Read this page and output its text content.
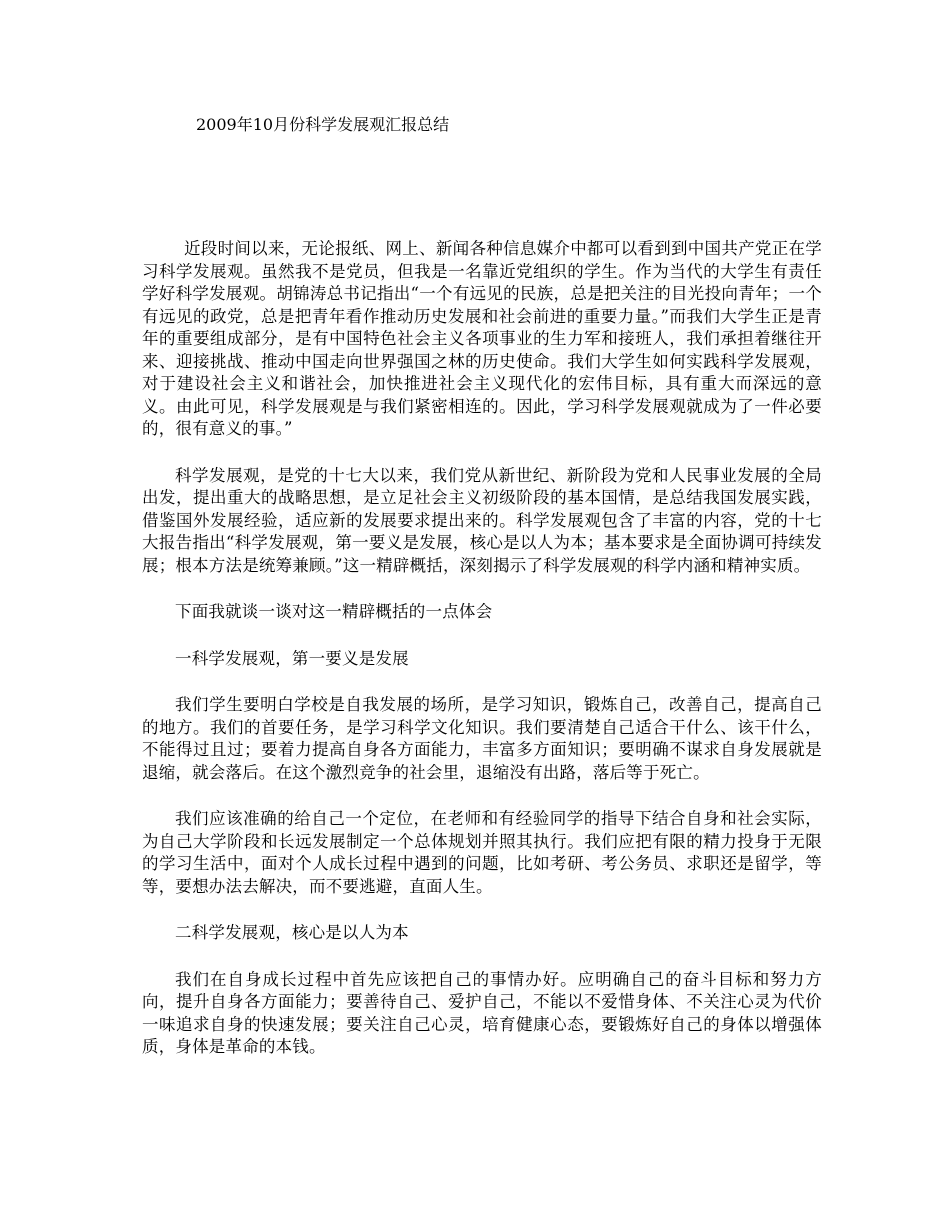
2009年10月份科学发展观汇报总结

近段时间以来，无论报纸、网上、新闻各种信息媒介中都可以看到到中国共产党正在学习科学发展观。虽然我不是党员，但我是一名靠近党组织的学生。作为当代的大学生有责任学好科学发展观。胡锦涛总书记指出“一个有远见的民族，总是把关注的目光投向青年；一个有远见的政党，总是把青年看作推动历史发展和社会前进的重要力量。”而我们大学生正是青年的重要组成部分，是有中国特色社会主义各项事业的生力军和接班人，我们承担着继往开来、迎接挑战、推动中国走向世界强国之林的历史使命。我们大学生如何实践科学发展观，对于建设社会主义和谐社会，加快推进社会主义现代化的宏伟目标，具有重大而深远的意义。由此可见，科学发展观是与我们紧密相连的。因此，学习科学发展观就成为了一件必要的，很有意义的事。”

科学发展观，是党的十七大以来，我们党从新世纪、新阶段为党和人民事业发展的全局出发，提出重大的战略思想，是立足社会主义初级阶段的基本国情，是总结我国发展实践，借鉴国外发展经验，适应新的发展要求提出来的。科学发展观包含了丰富的内容，党的十七大报告指出“科学发展观，第一要义是发展，核心是以人为本；基本要求是全面协调可持续发展；根本方法是统筹兼顾。”这一精辟概括，深刻揭示了科学发展观的科学内涵和精神实质。

下面我就谈一谈对这一精辟概括的一点体会

一科学发展观，第一要义是发展

我们学生要明白学校是自我发展的场所，是学习知识，锻炼自己，改善自己，提高自己的地方。我们的首要任务，是学习科学文化知识。我们要清楚自己适合干什么、该干什么，不能得过且过；要着力提高自身各方面能力，丰富多方面知识；要明确不谋求自身发展就是退缩，就会落后。在这个激烈竞争的社会里，退缩没有出路，落后等于死亡。

我们应该准确的给自己一个定位，在老师和有经验同学的指导下结合自身和社会实际，为自己大学阶段和长远发展制定一个总体规划并照其执行。我们应把有限的精力投身于无限的学习生活中，面对个人成长过程中遇到的问题，比如考研、考公务员、求职还是留学，等等，要想办法去解决，而不要逃避，直面人生。

二科学发展观，核心是以人为本

我们在自身成长过程中首先应该把自己的事情办好。应明确自己的奋斗目标和努力方向，提升自身各方面能力；要善待自己、爱护自己，不能以不爱惜身体、不关注心灵为代价一味追求自身的快速发展；要关注自己心灵，培育健康心态，要锻炼好自己的身体以增强体质，身体是革命的本钱。
